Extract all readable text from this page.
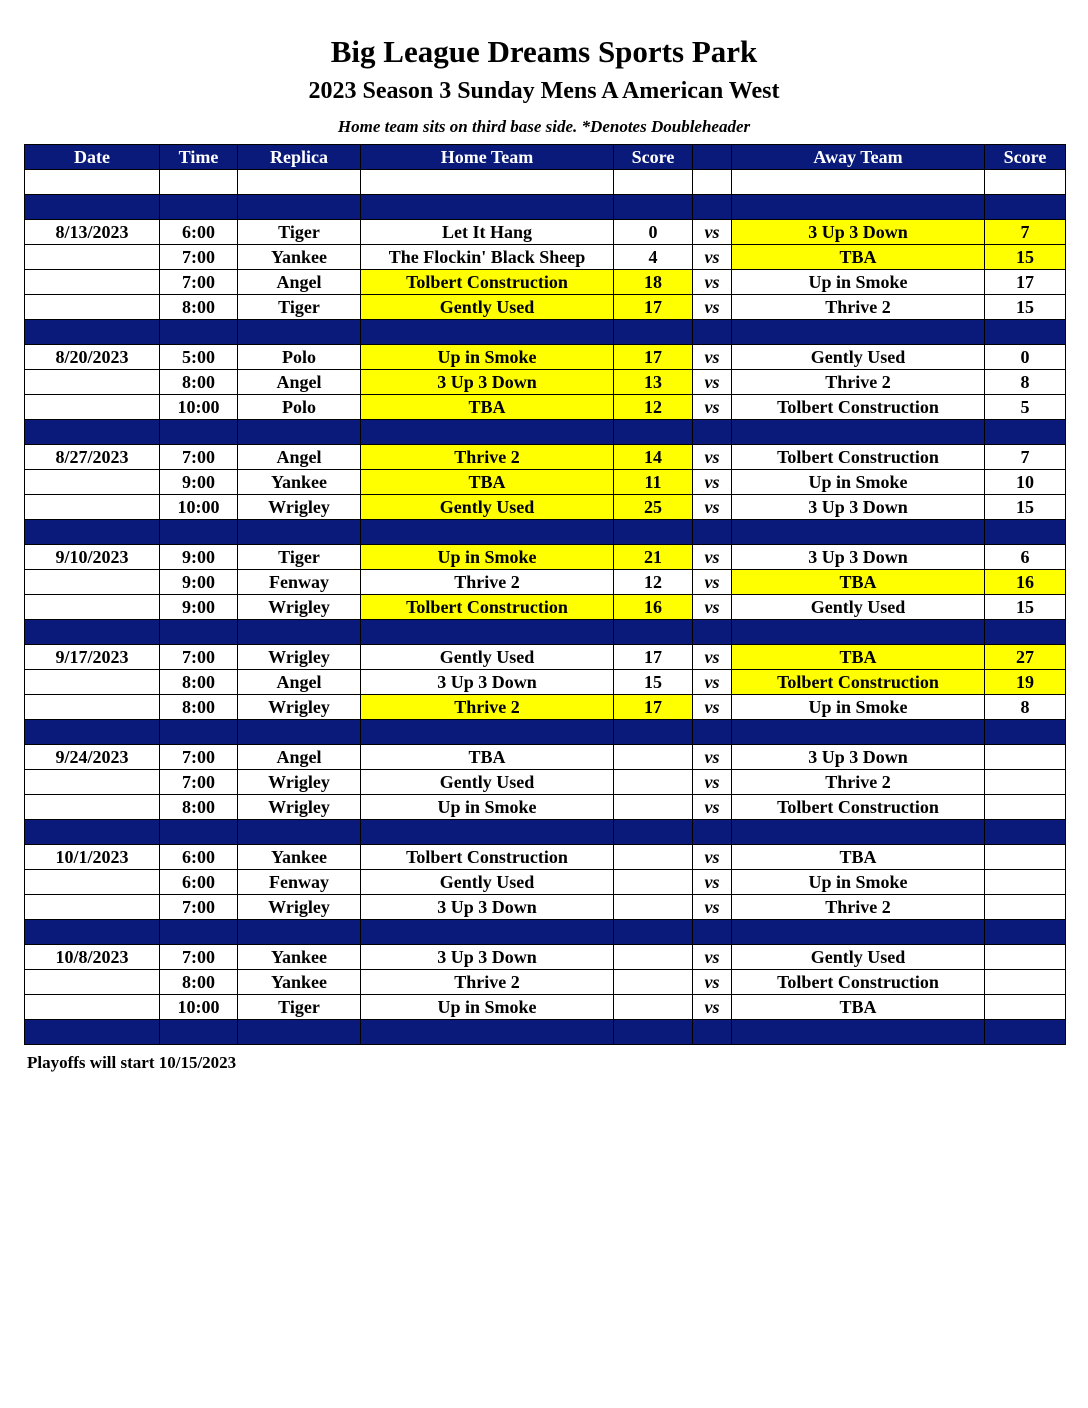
Big League Dreams Sports Park
2023 Season 3 Sunday Mens A American West
Home team sits on third base side. *Denotes Doubleheader
Date	Time	Replica	Home Team	Score		Away Team	Score

8/13/2023	6:00	Tiger	Let It Hang	0	vs	3 Up 3 Down	7
	7:00	Yankee	The Flockin' Black Sheep	4	vs	TBA	15
	7:00	Angel	Tolbert Construction	18	vs	Up in Smoke	17
	8:00	Tiger	Gently Used	17	vs	Thrive 2	15

8/20/2023	5:00	Polo	Up in Smoke	17	vs	Gently Used	0
	8:00	Angel	3 Up 3 Down	13	vs	Thrive 2	8
	10:00	Polo	TBA	12	vs	Tolbert Construction	5

8/27/2023	7:00	Angel	Thrive 2	14	vs	Tolbert Construction	7
	9:00	Yankee	TBA	11	vs	Up in Smoke	10
	10:00	Wrigley	Gently Used	25	vs	3 Up 3 Down	15

9/10/2023	9:00	Tiger	Up in Smoke	21	vs	3 Up 3 Down	6
	9:00	Fenway	Thrive 2	12	vs	TBA	16
	9:00	Wrigley	Tolbert Construction	16	vs	Gently Used	15

9/17/2023	7:00	Wrigley	Gently Used	17	vs	TBA	27
	8:00	Angel	3 Up 3 Down	15	vs	Tolbert Construction	19
	8:00	Wrigley	Thrive 2	17	vs	Up in Smoke	8

9/24/2023	7:00	Angel	TBA		vs	3 Up 3 Down	
	7:00	Wrigley	Gently Used		vs	Thrive 2	
	8:00	Wrigley	Up in Smoke		vs	Tolbert Construction	

10/1/2023	6:00	Yankee	Tolbert Construction		vs	TBA	
	6:00	Fenway	Gently Used		vs	Up in Smoke	
	7:00	Wrigley	3 Up 3 Down		vs	Thrive 2	

10/8/2023	7:00	Yankee	3 Up 3 Down		vs	Gently Used	
	8:00	Yankee	Thrive 2		vs	Tolbert Construction	
	10:00	Tiger	Up in Smoke		vs	TBA	

Playoffs will start 10/15/2023
